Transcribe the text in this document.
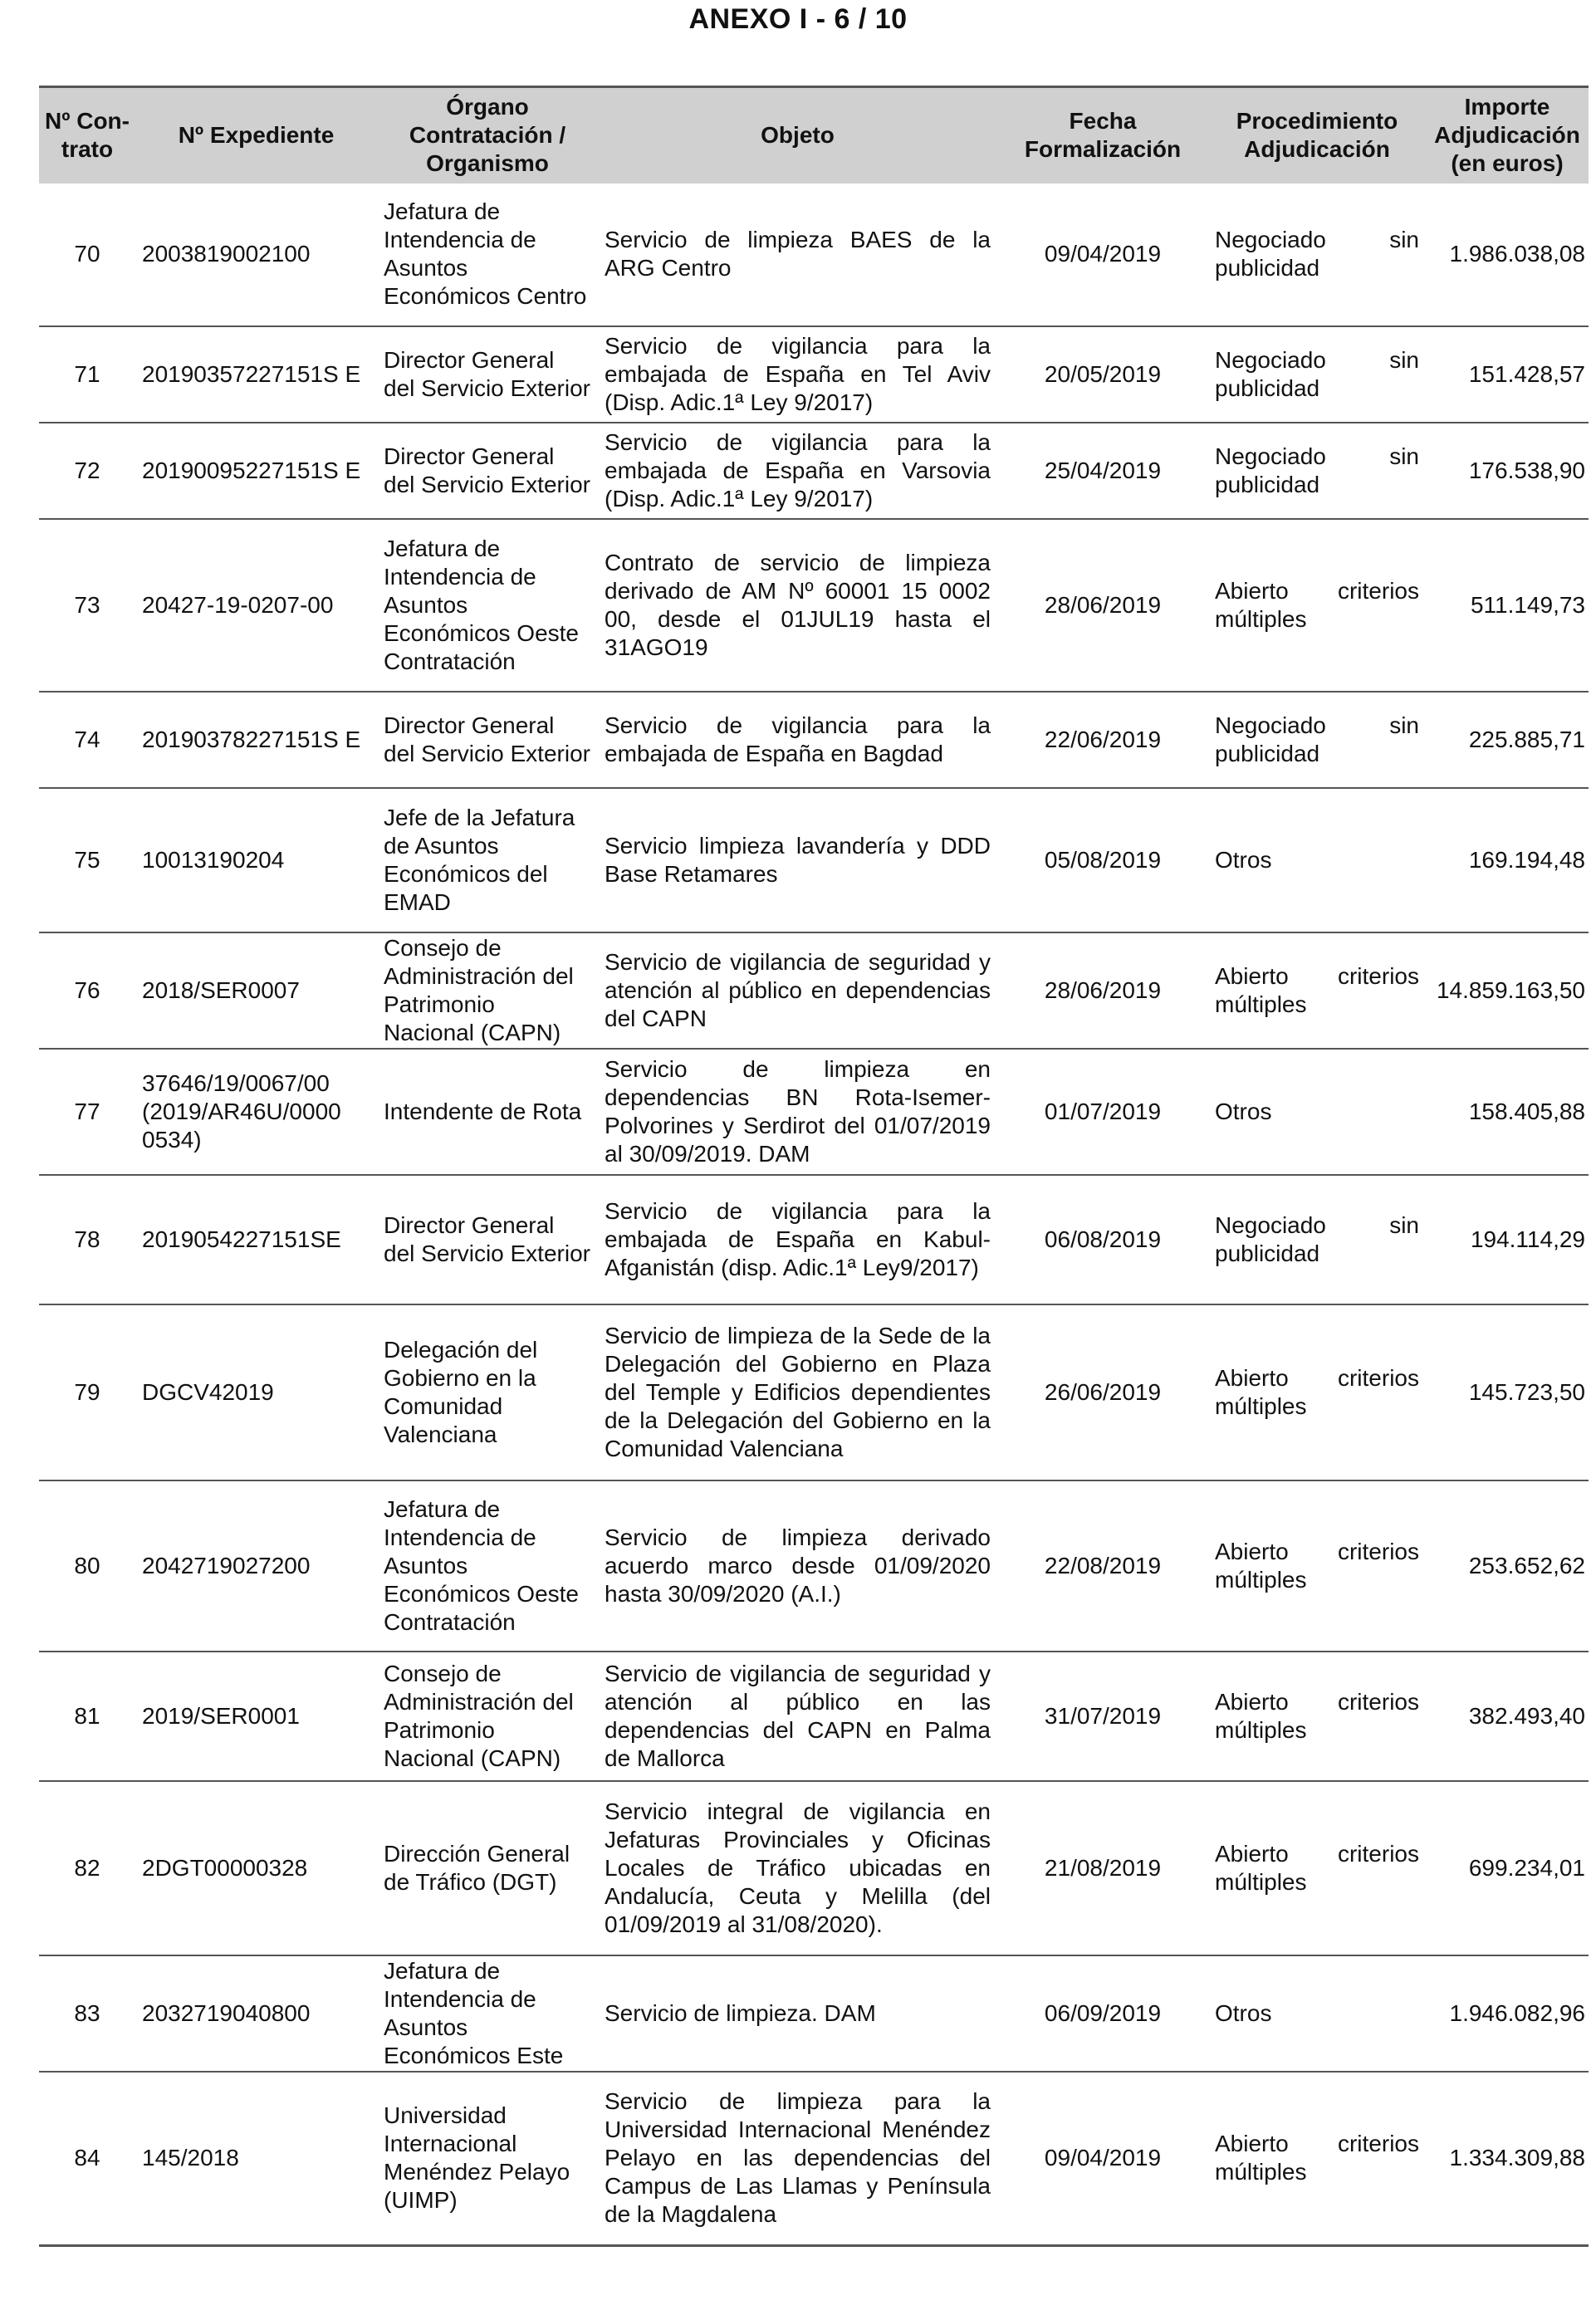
ANEXO I - 6 / 10
Nº Con-trato	Nº Expediente	Órgano Contratación / Organismo	Objeto	Fecha Formalización	Procedimiento Adjudicación	Importe Adjudicación (en euros)
70	2003819002100	Jefatura de Intendencia de Asuntos Económicos Centro	Servicio de limpieza BAES de la ARG Centro	09/04/2019	Negociado sin publicidad	1.986.038,08
71	20190357227151S E	Director General del Servicio Exterior	Servicio de vigilancia para la embajada de España en Tel Aviv (Disp. Adic.1ª Ley 9/2017)	20/05/2019	Negociado sin publicidad	151.428,57
72	20190095227151S E	Director General del Servicio Exterior	Servicio de vigilancia para la embajada de España en Varsovia (Disp. Adic.1ª Ley 9/2017)	25/04/2019	Negociado sin publicidad	176.538,90
73	20427-19-0207-00	Jefatura de Intendencia de Asuntos Económicos Oeste Contratación	Contrato de servicio de limpieza derivado de AM Nº 60001 15 0002 00, desde el 01JUL19 hasta el 31AGO19	28/06/2019	Abierto criterios múltiples	511.149,73
74	20190378227151S E	Director General del Servicio Exterior	Servicio de vigilancia para la embajada de España en Bagdad	22/06/2019	Negociado sin publicidad	225.885,71
75	10013190204	Jefe de la Jefatura de Asuntos Económicos del EMAD	Servicio limpieza lavandería y DDD Base Retamares	05/08/2019	Otros	169.194,48
76	2018/SER0007	Consejo de Administración del Patrimonio Nacional (CAPN)	Servicio de vigilancia de seguridad y atención al público en dependencias del CAPN	28/06/2019	Abierto criterios múltiples	14.859.163,50
77	37646/19/0067/00 (2019/AR46U/0000 0534)	Intendente de Rota	Servicio de limpieza en dependencias BN Rota-Isemer-Polvorines y Serdirot del 01/07/2019 al 30/09/2019. DAM	01/07/2019	Otros	158.405,88
78	2019054227151SE	Director General del Servicio Exterior	Servicio de vigilancia para la embajada de España en Kabul-Afganistán (disp. Adic.1ª Ley9/2017)	06/08/2019	Negociado sin publicidad	194.114,29
79	DGCV42019	Delegación del Gobierno en la Comunidad Valenciana	Servicio de limpieza de la Sede de la Delegación del Gobierno en Plaza del Temple y Edificios dependientes de la Delegación del Gobierno en la Comunidad Valenciana	26/06/2019	Abierto criterios múltiples	145.723,50
80	2042719027200	Jefatura de Intendencia de Asuntos Económicos Oeste Contratación	Servicio de limpieza derivado acuerdo marco desde 01/09/2020 hasta 30/09/2020 (A.I.)	22/08/2019	Abierto criterios múltiples	253.652,62
81	2019/SER0001	Consejo de Administración del Patrimonio Nacional (CAPN)	Servicio de vigilancia de seguridad y atención al público en las dependencias del CAPN en Palma de Mallorca	31/07/2019	Abierto criterios múltiples	382.493,40
82	2DGT00000328	Dirección General de Tráfico (DGT)	Servicio integral de vigilancia en Jefaturas Provinciales y Oficinas Locales de Tráfico ubicadas en Andalucía, Ceuta y Melilla (del 01/09/2019 al 31/08/2020).	21/08/2019	Abierto criterios múltiples	699.234,01
83	2032719040800	Jefatura de Intendencia de Asuntos Económicos Este	Servicio de limpieza. DAM	06/09/2019	Otros	1.946.082,96
84	145/2018	Universidad Internacional Menéndez Pelayo (UIMP)	Servicio de limpieza para la Universidad Internacional Menéndez Pelayo en las dependencias del Campus de Las Llamas y Península de la Magdalena	09/04/2019	Abierto criterios múltiples	1.334.309,88
